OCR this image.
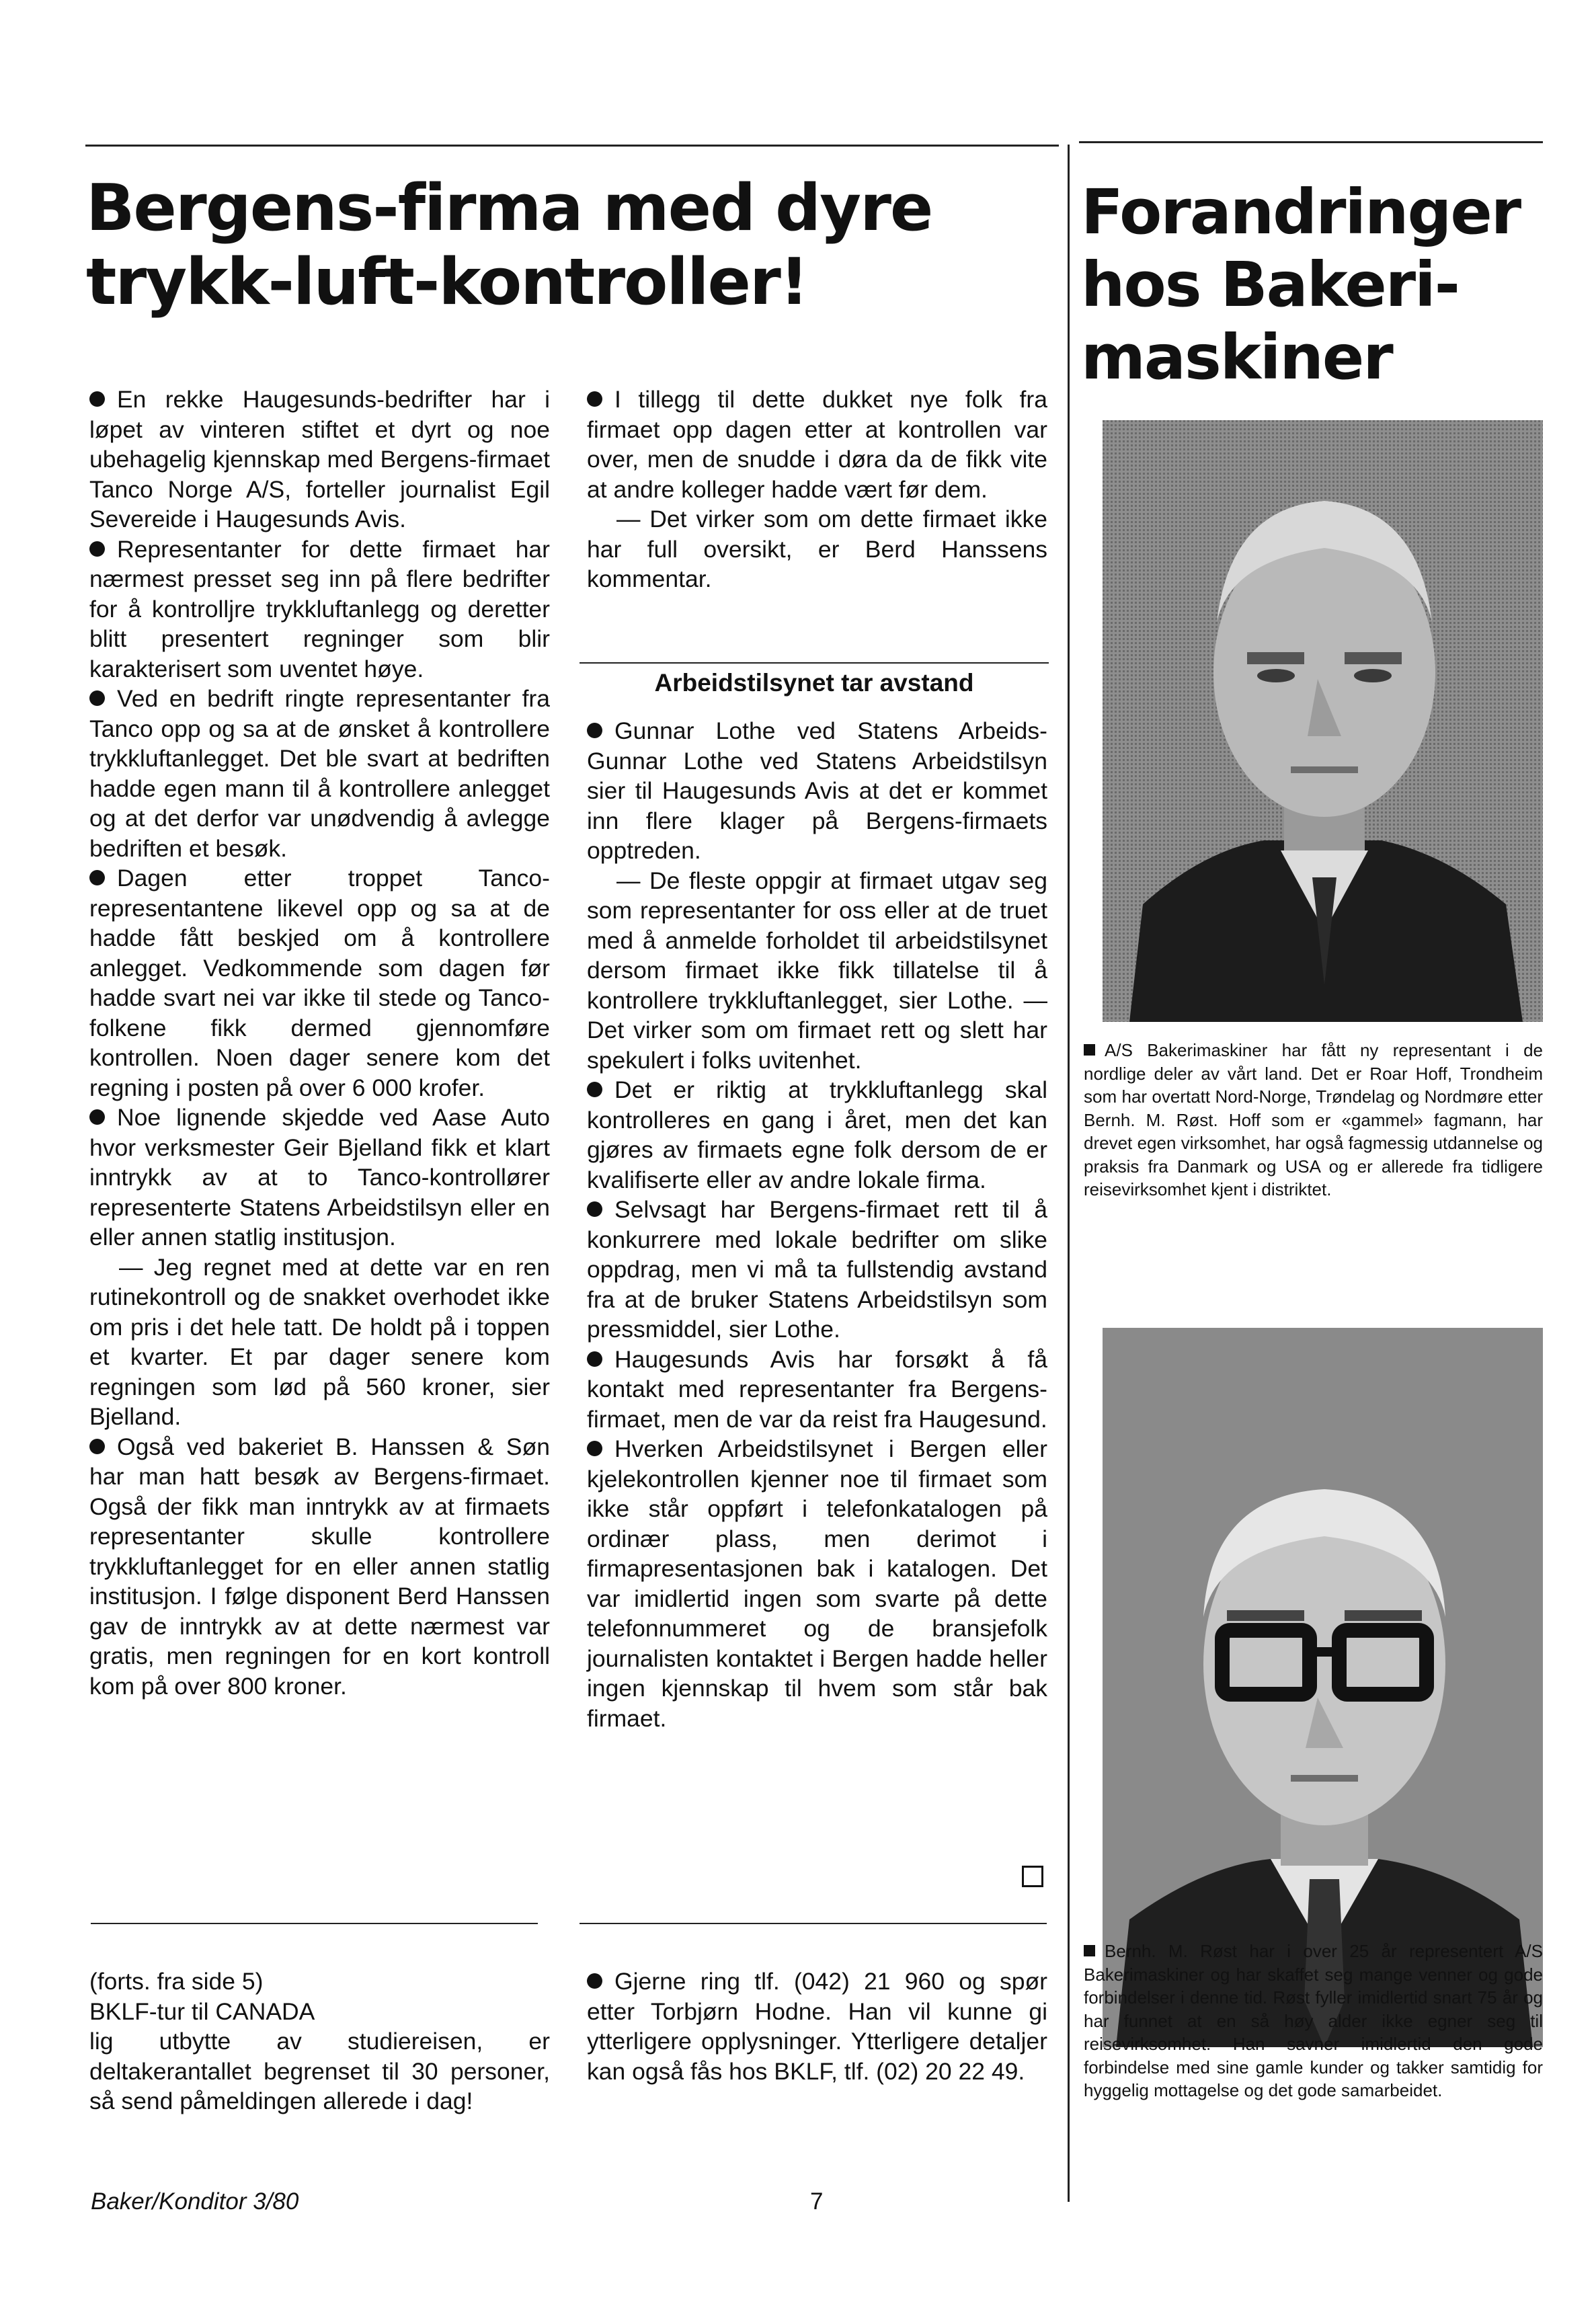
Bergens-firma med dyre
trykk-luft-kontroller!

En rekke Haugesunds-bedrifter har i løpet av vinteren stiftet et dyrt og noe ubehagelig kjennskap med Bergens-firmaet Tanco Norge A/S, forteller journalist Egil Severeide i Haugesunds Avis.

Representanter for dette firmaet har nærmest presset seg inn på flere bedrifter for å kontrolljre trykkluftanlegg og deretter blitt presentert regninger som blir karakterisert som uventet høye.

Ved en bedrift ringte representanter fra Tanco opp og sa at de ønsket å kontrollere trykkluftanlegget. Det ble svart at bedriften hadde egen mann til å kontrollere anlegget og at det derfor var unødvendig å avlegge bedriften et besøk.

Dagen etter troppet Tanco-representantene likevel opp og sa at de hadde fått beskjed om å kontrollere anlegget. Vedkommende som dagen før hadde svart nei var ikke til stede og Tanco-folkene fikk dermed gjennomføre kontrollen. Noen dager senere kom det regning i posten på over 6 000 krofer.

Noe lignende skjedde ved Aase Auto hvor verksmester Geir Bjelland fikk et klart inntrykk av at to Tanco-kontrollører representerte Statens Arbeidstilsyn eller en eller annen statlig institusjon.

— Jeg regnet med at dette var en ren rutinekontroll og de snakket overhodet ikke om pris i det hele tatt. De holdt på i toppen et kvarter. Et par dager senere kom regningen som lød på 560 kroner, sier Bjelland.

Også ved bakeriet B. Hanssen & Søn har man hatt besøk av Bergens-firmaet. Også der fikk man inntrykk av at firmaets representanter skulle kontrollere trykkluftanlegget for en eller annen statlig institusjon. I følge disponent Berd Hanssen gav de inntrykk av at dette nærmest var gratis, men regningen for en kort kontroll kom på over 800 kroner.

I tillegg til dette dukket nye folk fra firmaet opp dagen etter at kontrollen var over, men de snudde i døra da de fikk vite at andre kolleger hadde vært før dem.

— Det virker som om dette firmaet ikke har full oversikt, er Berd Hanssens kommentar.

Arbeidstilsynet tar avstand

Gunnar Lothe ved Statens Arbeids-Gunnar Lothe ved Statens Arbeidstilsyn sier til Haugesunds Avis at det er kommet inn flere klager på Bergens-firmaets opptreden.

— De fleste oppgir at firmaet utgav seg som representanter for oss eller at de truet med å anmelde forholdet til arbeidstilsynet dersom firmaet ikke fikk tillatelse til å kontrollere trykkluftanlegget, sier Lothe. — Det virker som om firmaet rett og slett har spekulert i folks uvitenhet.

Det er riktig at trykkluftanlegg skal kontrolleres en gang i året, men det kan gjøres av firmaets egne folk dersom de er kvalifiserte eller av andre lokale firma.

Selvsagt har Bergens-firmaet rett til å konkurrere med lokale bedrifter om slike oppdrag, men vi må ta fullstendig avstand fra at de bruker Statens Arbeidstilsyn som pressmiddel, sier Lothe.

Haugesunds Avis har forsøkt å få kontakt med representanter fra Bergens-firmaet, men de var da reist fra Haugesund.

Hverken Arbeidstilsynet i Bergen eller kjelekontrollen kjenner noe til firmaet som ikke står oppført i telefonkatalogen på ordinær plass, men derimot i firmapresentasjonen bak i katalogen. Det var imidlertid ingen som svarte på dette telefonnummeret og de bransjefolk journalisten kontaktet i Bergen hadde heller ingen kjennskap til hvem som står bak firmaet.

Forandringer
hos Bakeri-
maskiner
A/S Bakerimaskiner har fått ny representant i de nordlige deler av vårt land. Det er Roar Hoff, Trondheim som har overtatt Nord-Norge, Trøndelag og Nordmøre etter Bernh. M. Røst. Hoff som er «gammel» fagmann, har drevet egen virksomhet, har også fagmessig utdannelse og praksis fra Danmark og USA og er allerede fra tidligere reisevirksomhet kjent i distriktet.
Bernh. M. Røst har i over 25 år representert A/S Bakerimaskiner og har skaffet seg mange venner og gode forbindelser i denne tid. Røst fyller imidlertid snart 75 år og har funnet at en så høy alder ikke egner seg til reisevirksomhet. Han savner imidlertid den gode forbindelse med sine gamle kunder og takker samtidig for hyggelig mottagelse og det gode samarbeidet.

(forts. fra side 5)

BKLF-tur til CANADA

lig utbytte av studiereisen, er deltakerantallet begrenset til 30 personer, så send påmeldingen allerede i dag!

Gjerne ring tlf. (042) 21 960 og spør etter Torbjørn Hodne. Han vil kunne gi ytterligere opplysninger. Ytterligere detaljer kan også fås hos BKLF, tlf. (02) 20 22 49.

Baker/Konditor 3/80	7
